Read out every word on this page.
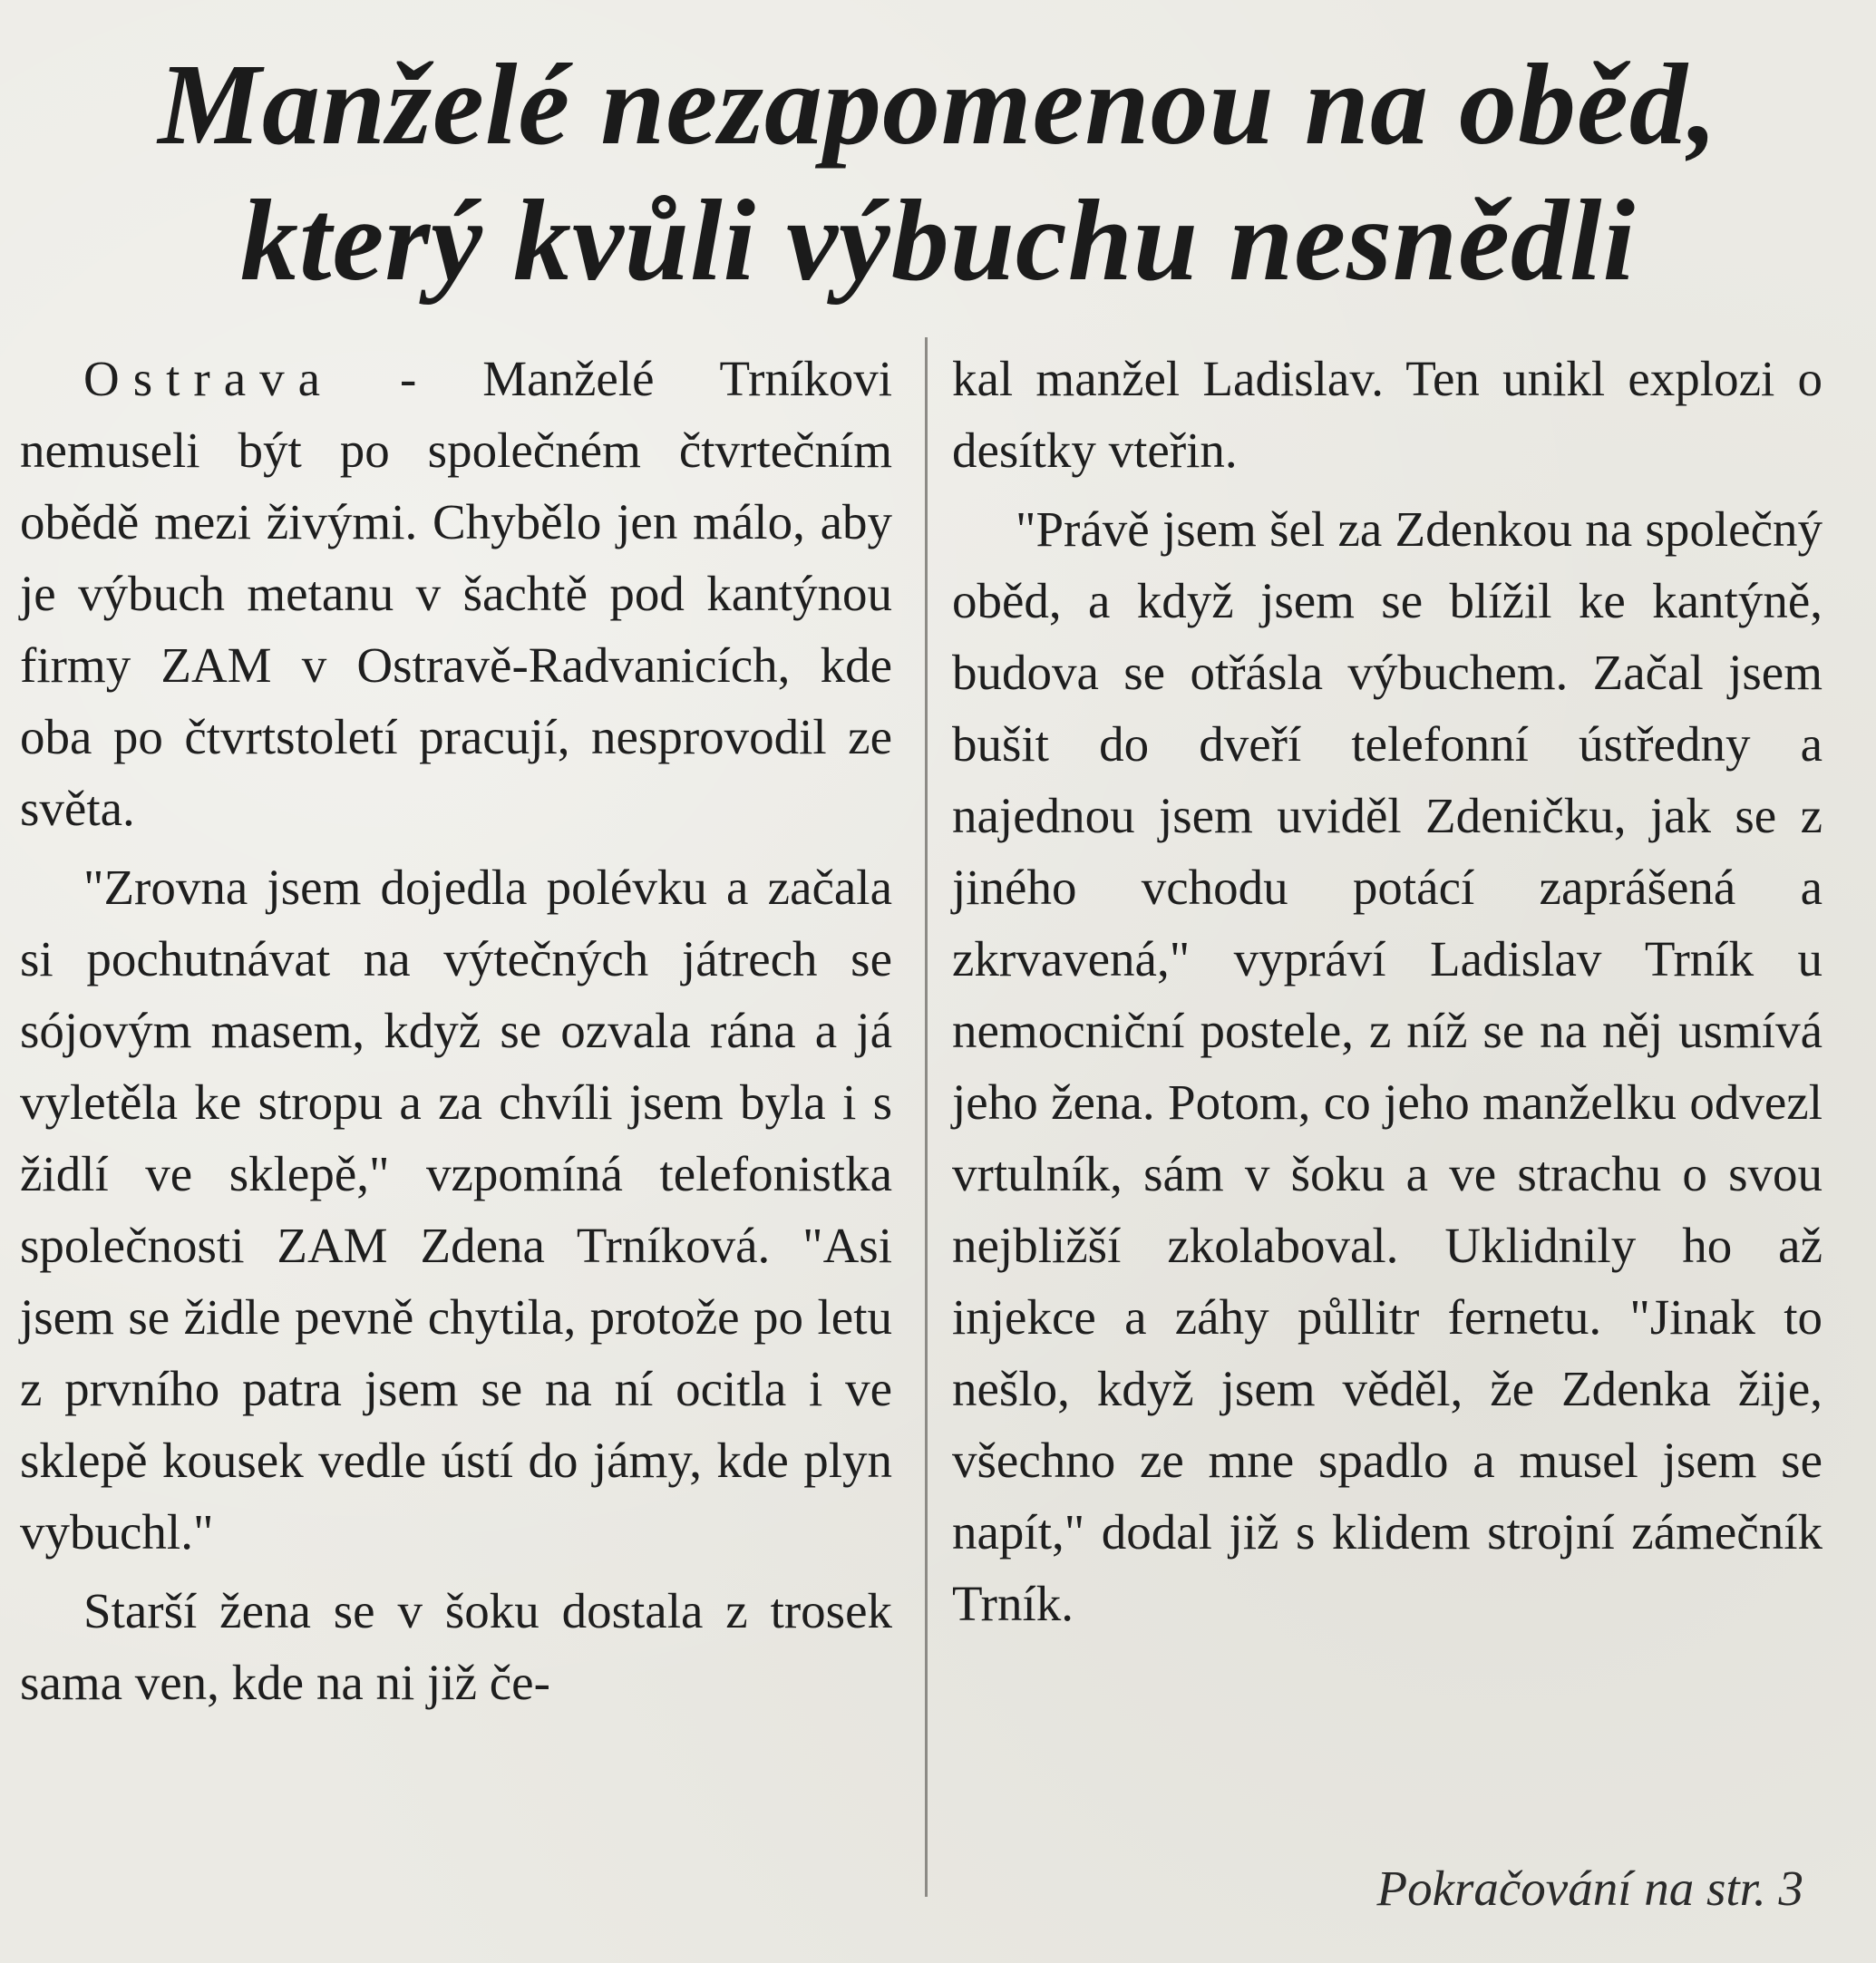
Manželé nezapomenou na oběd,
který kvůli výbuchu nesnědli

Ostrava - Manželé Trníkovi nemuseli být po společném čtvrtečním obědě mezi živými. Chybělo jen málo, aby je výbuch metanu v šachtě pod kantýnou firmy ZAM v Ostravě-Radvanicích, kde oba po čtvrtstoletí pracují, nesprovodil ze světa.

"Zrovna jsem dojedla polévku a začala si pochutnávat na výtečných játrech se sójovým masem, když se ozvala rána a já vyletěla ke stropu a za chvíli jsem byla i s židlí ve sklepě," vzpomíná telefonistka společnosti ZAM Zdena Trníková. "Asi jsem se židle pevně chytila, protože po letu z prvního patra jsem se na ní ocitla i ve sklepě kousek vedle ústí do jámy, kde plyn vybuchl."

Starší žena se v šoku dostala z trosek sama ven, kde na ni již če-

kal manžel Ladislav. Ten unikl explozi o desítky vteřin.

"Právě jsem šel za Zdenkou na společný oběd, a když jsem se blížil ke kantýně, budova se otřásla výbuchem. Začal jsem bušit do dveří telefonní ústředny a najednou jsem uviděl Zdeničku, jak se z jiného vchodu potácí zaprášená a zkrvavená," vypráví Ladislav Trník u nemocniční postele, z níž se na něj usmívá jeho žena. Potom, co jeho manželku odvezl vrtulník, sám v šoku a ve strachu o svou nejbližší zkolaboval. Uklidnily ho až injekce a záhy půllitr fernetu. "Jinak to nešlo, když jsem věděl, že Zdenka žije, všechno ze mne spadlo a musel jsem se napít," dodal již s klidem strojní zámečník Trník.

Pokračování na str. 3
